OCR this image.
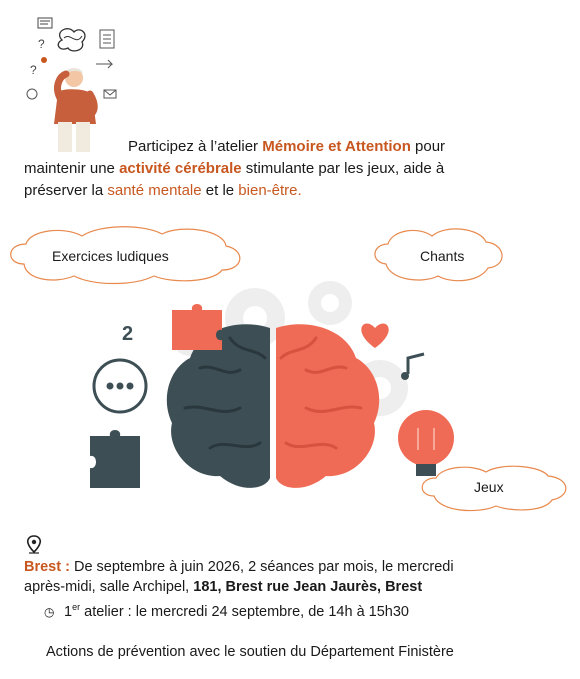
?
?
Participez à l’atelier Mémoire et Attention pour
maintenir une activité cérébrale stimulante par les jeux, aide à
préserver la santé mentale et le bien-être.
2
Exercices ludiques	Chants
Jeux
Brest : De septembre à juin 2026, 2 séances par mois, le mercredi
après-midi, salle Archipel, 181, Brest rue Jean Jaurès, Brest
◷ 1er atelier : le mercredi 24 septembre, de 14h à 15h30
Actions de prévention avec le soutien du Département Finistère
